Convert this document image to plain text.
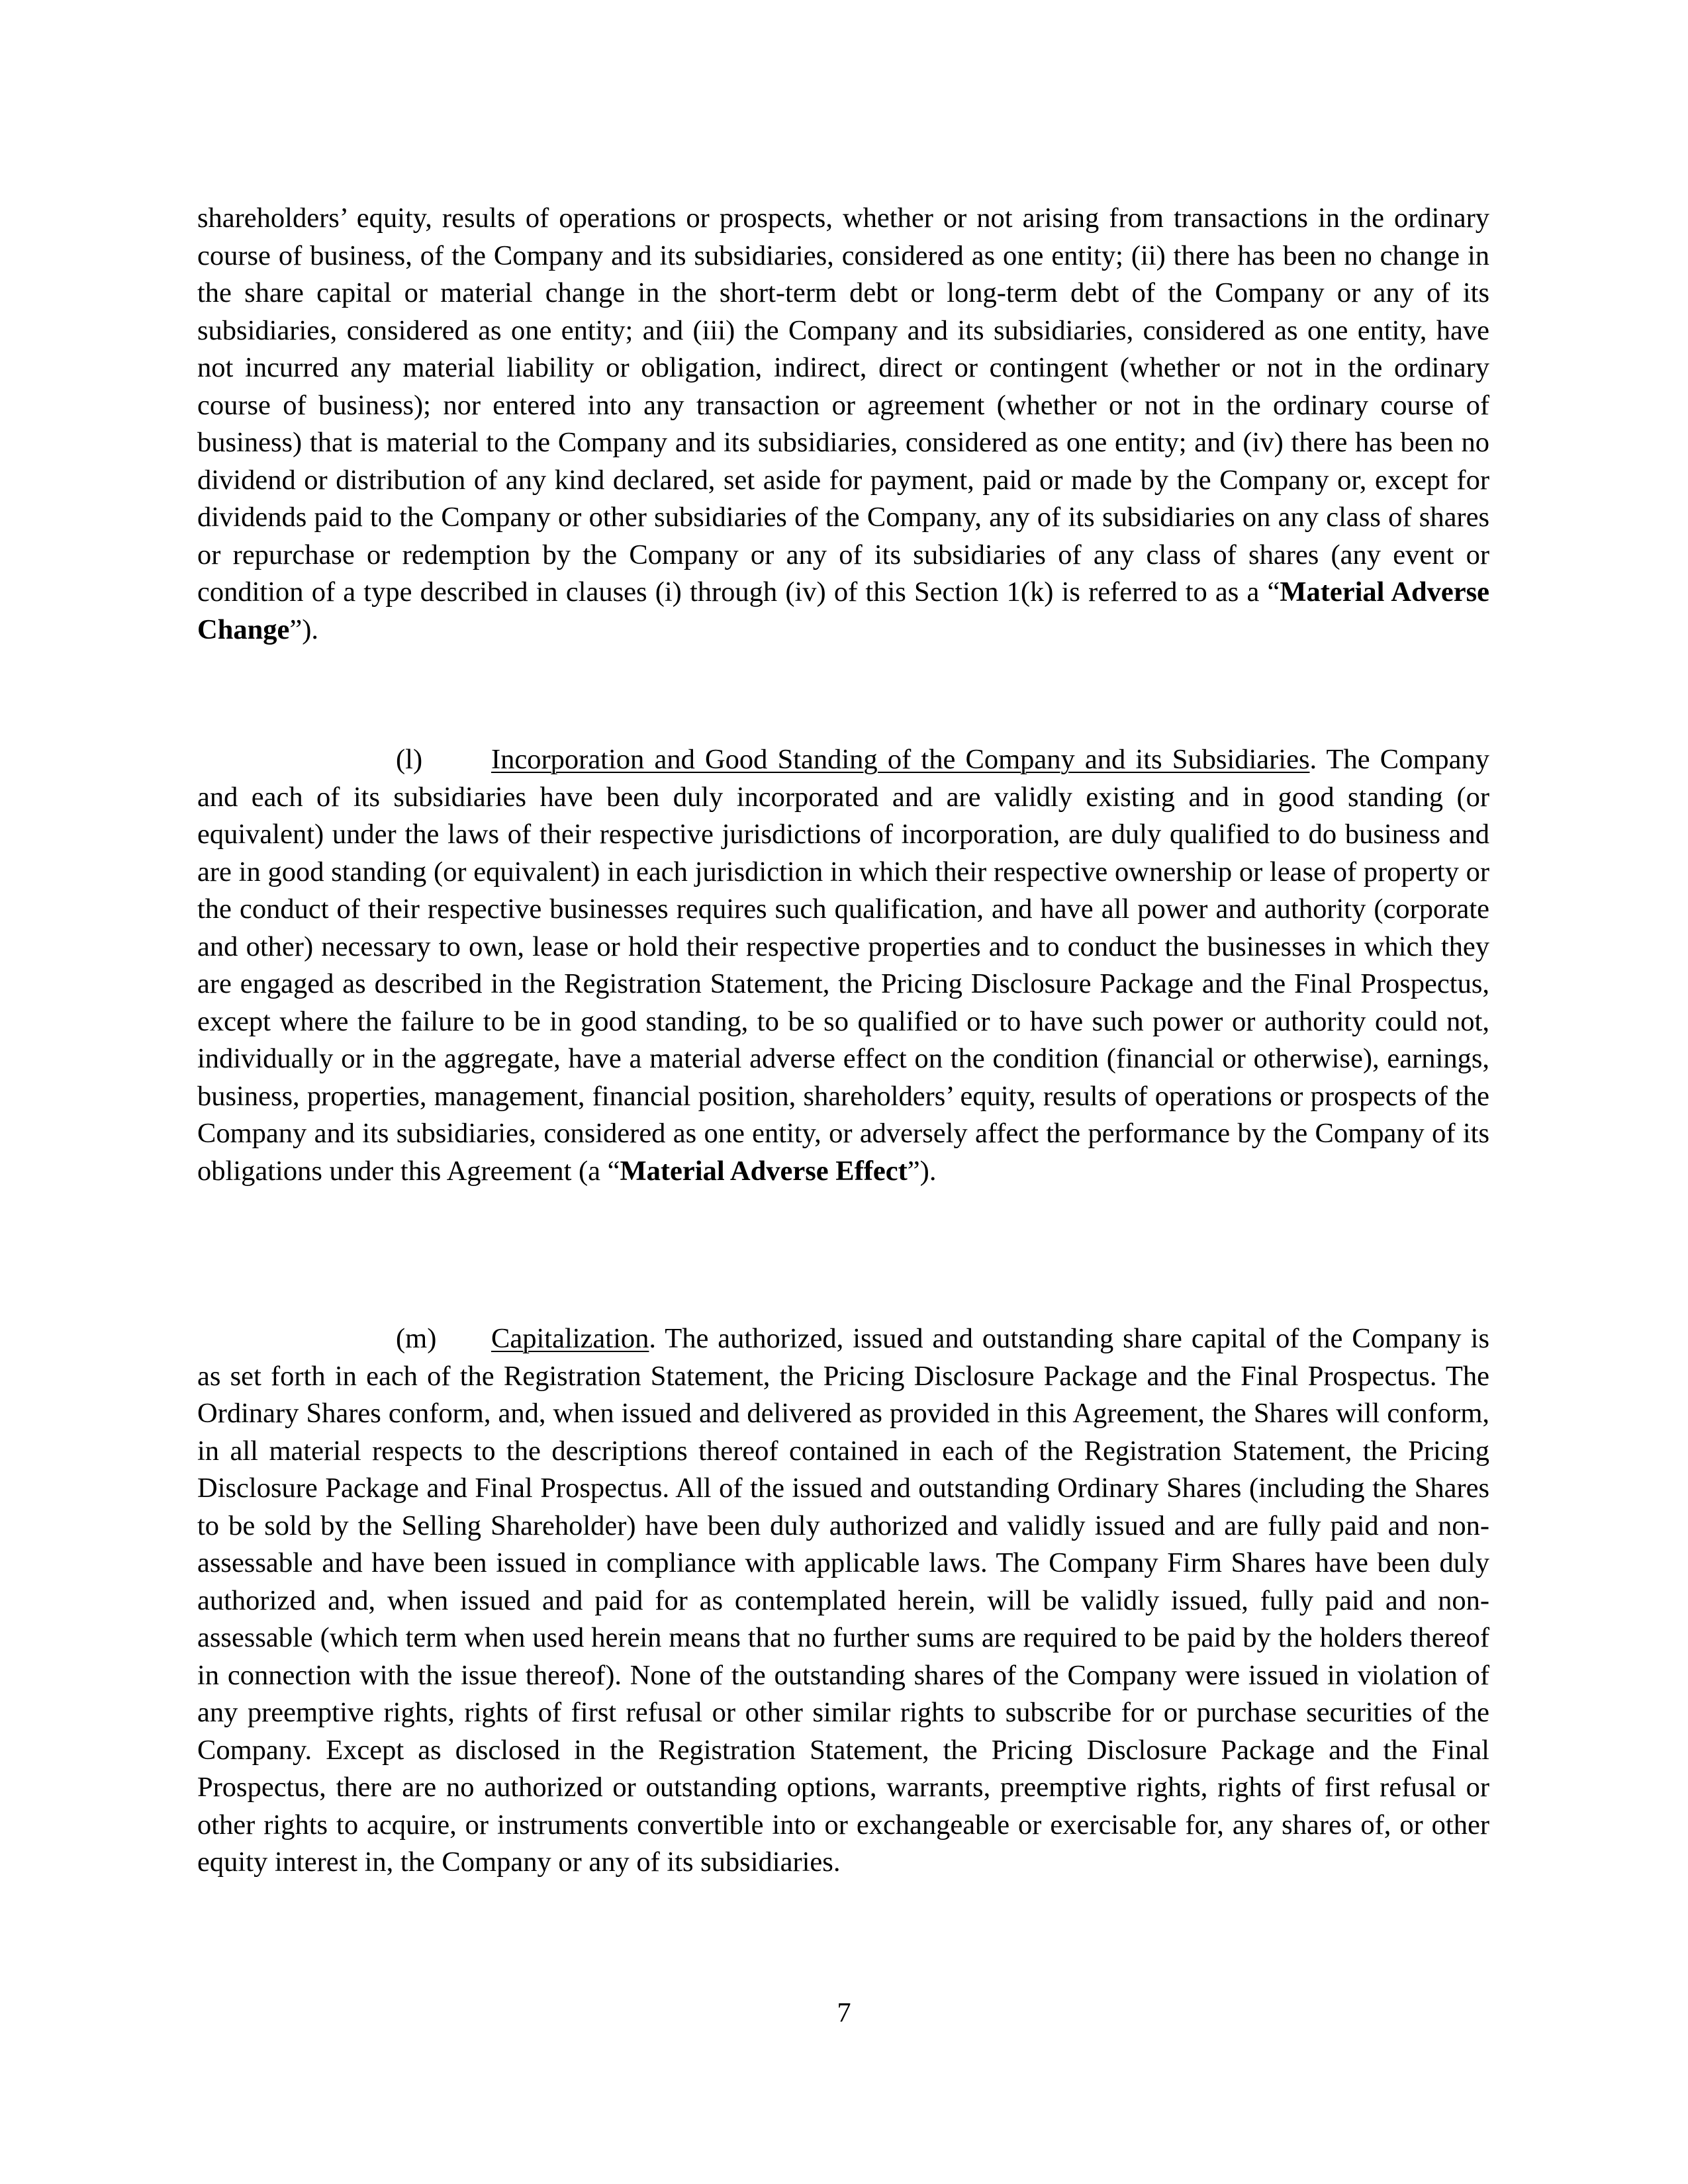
shareholders’ equity, results of operations or prospects, whether or not arising from transactions in the ordinary course of business, of the Company and its subsidiaries, considered as one entity; (ii) there has been no change in the share capital or material change in the short-term debt or long-term debt of the Company or any of its subsidiaries, considered as one entity; and (iii) the Company and its subsidiaries, considered as one entity, have not incurred any material liability or obligation, indirect, direct or contingent (whether or not in the ordinary course of business); nor entered into any transaction or agreement (whether or not in the ordinary course of business) that is material to the Company and its subsidiaries, considered as one entity; and (iv) there has been no dividend or distribution of any kind declared, set aside for payment, paid or made by the Company or, except for dividends paid to the Company or other subsidiaries of the Company, any of its subsidiaries on any class of shares or repurchase or redemption by the Company or any of its subsidiaries of any class of shares (any event or condition of a type described in clauses (i) through (iv) of this Section 1(k) is referred to as a “Material Adverse Change”).

(l) Incorporation and Good Standing of the Company and its Subsidiaries. The Company and each of its subsidiaries have been duly incorporated and are validly existing and in good standing (or equivalent) under the laws of their respective jurisdictions of incorporation, are duly qualified to do business and are in good standing (or equivalent) in each jurisdiction in which their respective ownership or lease of property or the conduct of their respective businesses requires such qualification, and have all power and authority (corporate and other) necessary to own, lease or hold their respective properties and to conduct the businesses in which they are engaged as described in the Registration Statement, the Pricing Disclosure Package and the Final Prospectus, except where the failure to be in good standing, to be so qualified or to have such power or authority could not, individually or in the aggregate, have a material adverse effect on the condition (financial or otherwise), earnings, business, properties, management, financial position, shareholders’ equity, results of operations or prospects of the Company and its subsidiaries, considered as one entity, or adversely affect the performance by the Company of its obligations under this Agreement (a “Material Adverse Effect”).

(m) Capitalization. The authorized, issued and outstanding share capital of the Company is as set forth in each of the Registration Statement, the Pricing Disclosure Package and the Final Prospectus. The Ordinary Shares conform, and, when issued and delivered as provided in this Agreement, the Shares will conform, in all material respects to the descriptions thereof contained in each of the Registration Statement, the Pricing Disclosure Package and Final Prospectus. All of the issued and outstanding Ordinary Shares (including the Shares to be sold by the Selling Shareholder) have been duly authorized and validly issued and are fully paid and non-assessable and have been issued in compliance with applicable laws. The Company Firm Shares have been duly authorized and, when issued and paid for as contemplated herein, will be validly issued, fully paid and non-assessable (which term when used herein means that no further sums are required to be paid by the holders thereof in connection with the issue thereof). None of the outstanding shares of the Company were issued in violation of any preemptive rights, rights of first refusal or other similar rights to subscribe for or purchase securities of the Company. Except as disclosed in the Registration Statement, the Pricing Disclosure Package and the Final Prospectus, there are no authorized or outstanding options, warrants, preemptive rights, rights of first refusal or other rights to acquire, or instruments convertible into or exchangeable or exercisable for, any shares of, or other equity interest in, the Company or any of its subsidiaries.

7
